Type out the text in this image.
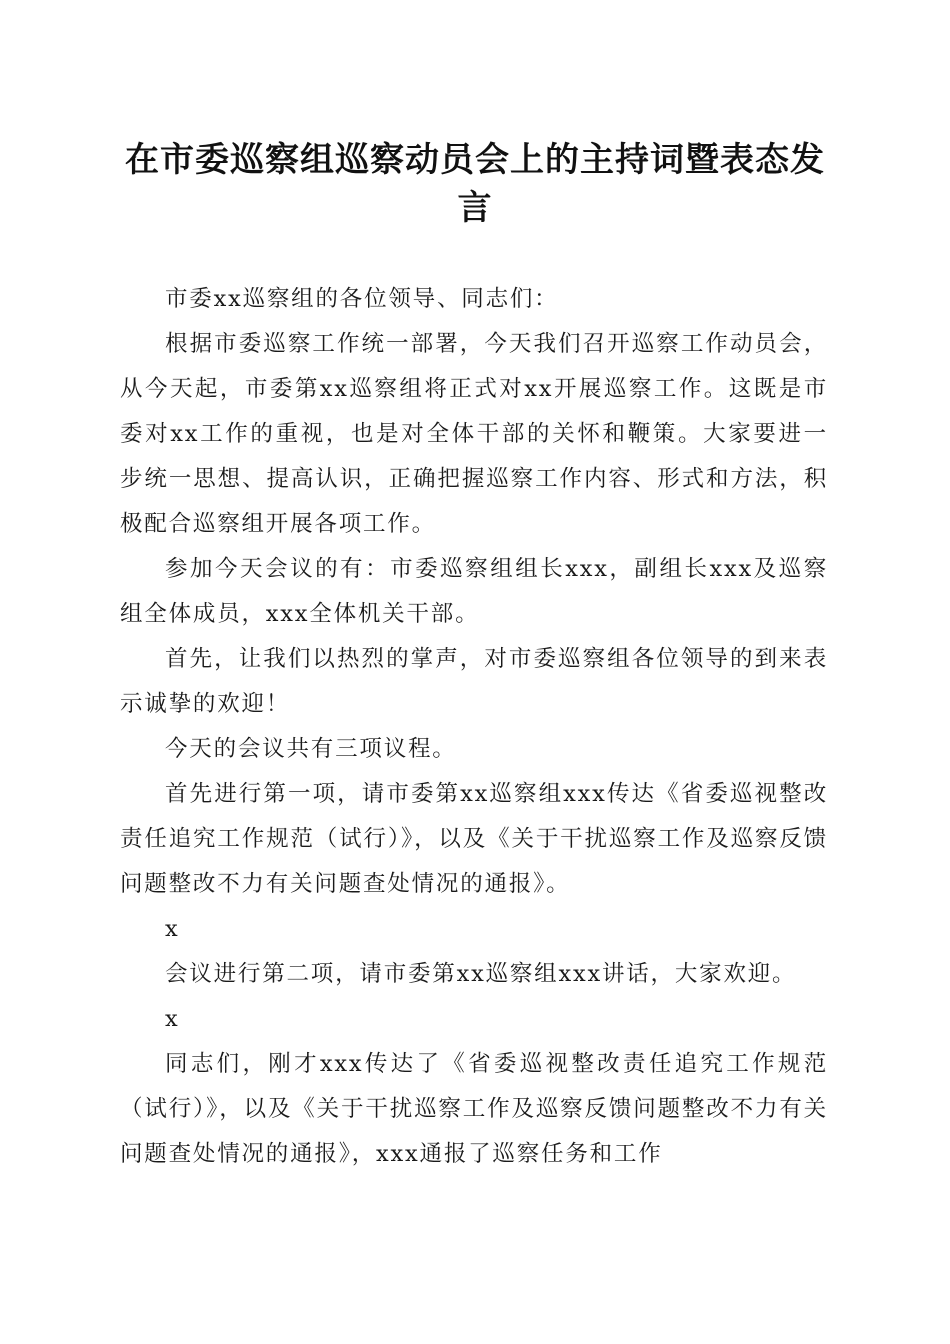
在市委巡察组巡察动员会上的主持词暨表态发言

市委xx巡察组的各位领导、同志们：

根据市委巡察工作统一部署，今天我们召开巡察工作动员会，从今天起，市委第xx巡察组将正式对xx开展巡察工作。这既是市委对xx工作的重视，也是对全体干部的关怀和鞭策。大家要进一步统一思想、提高认识，正确把握巡察工作内容、形式和方法，积极配合巡察组开展各项工作。

参加今天会议的有：市委巡察组组长xxx，副组长xxx及巡察组全体成员，xxx全体机关干部。

首先，让我们以热烈的掌声，对市委巡察组各位领导的到来表示诚挚的欢迎！

今天的会议共有三项议程。

首先进行第一项，请市委第xx巡察组xxx传达《省委巡视整改责任追究工作规范（试行）》，以及《关于干扰巡察工作及巡察反馈问题整改不力有关问题查处情况的通报》。

x

会议进行第二项，请市委第xx巡察组xxx讲话，大家欢迎。

x

同志们，刚才xxx传达了《省委巡视整改责任追究工作规范（试行）》，以及《关于干扰巡察工作及巡察反馈问题整改不力有关问题查处情况的通报》，xxx通报了巡察任务和工作
